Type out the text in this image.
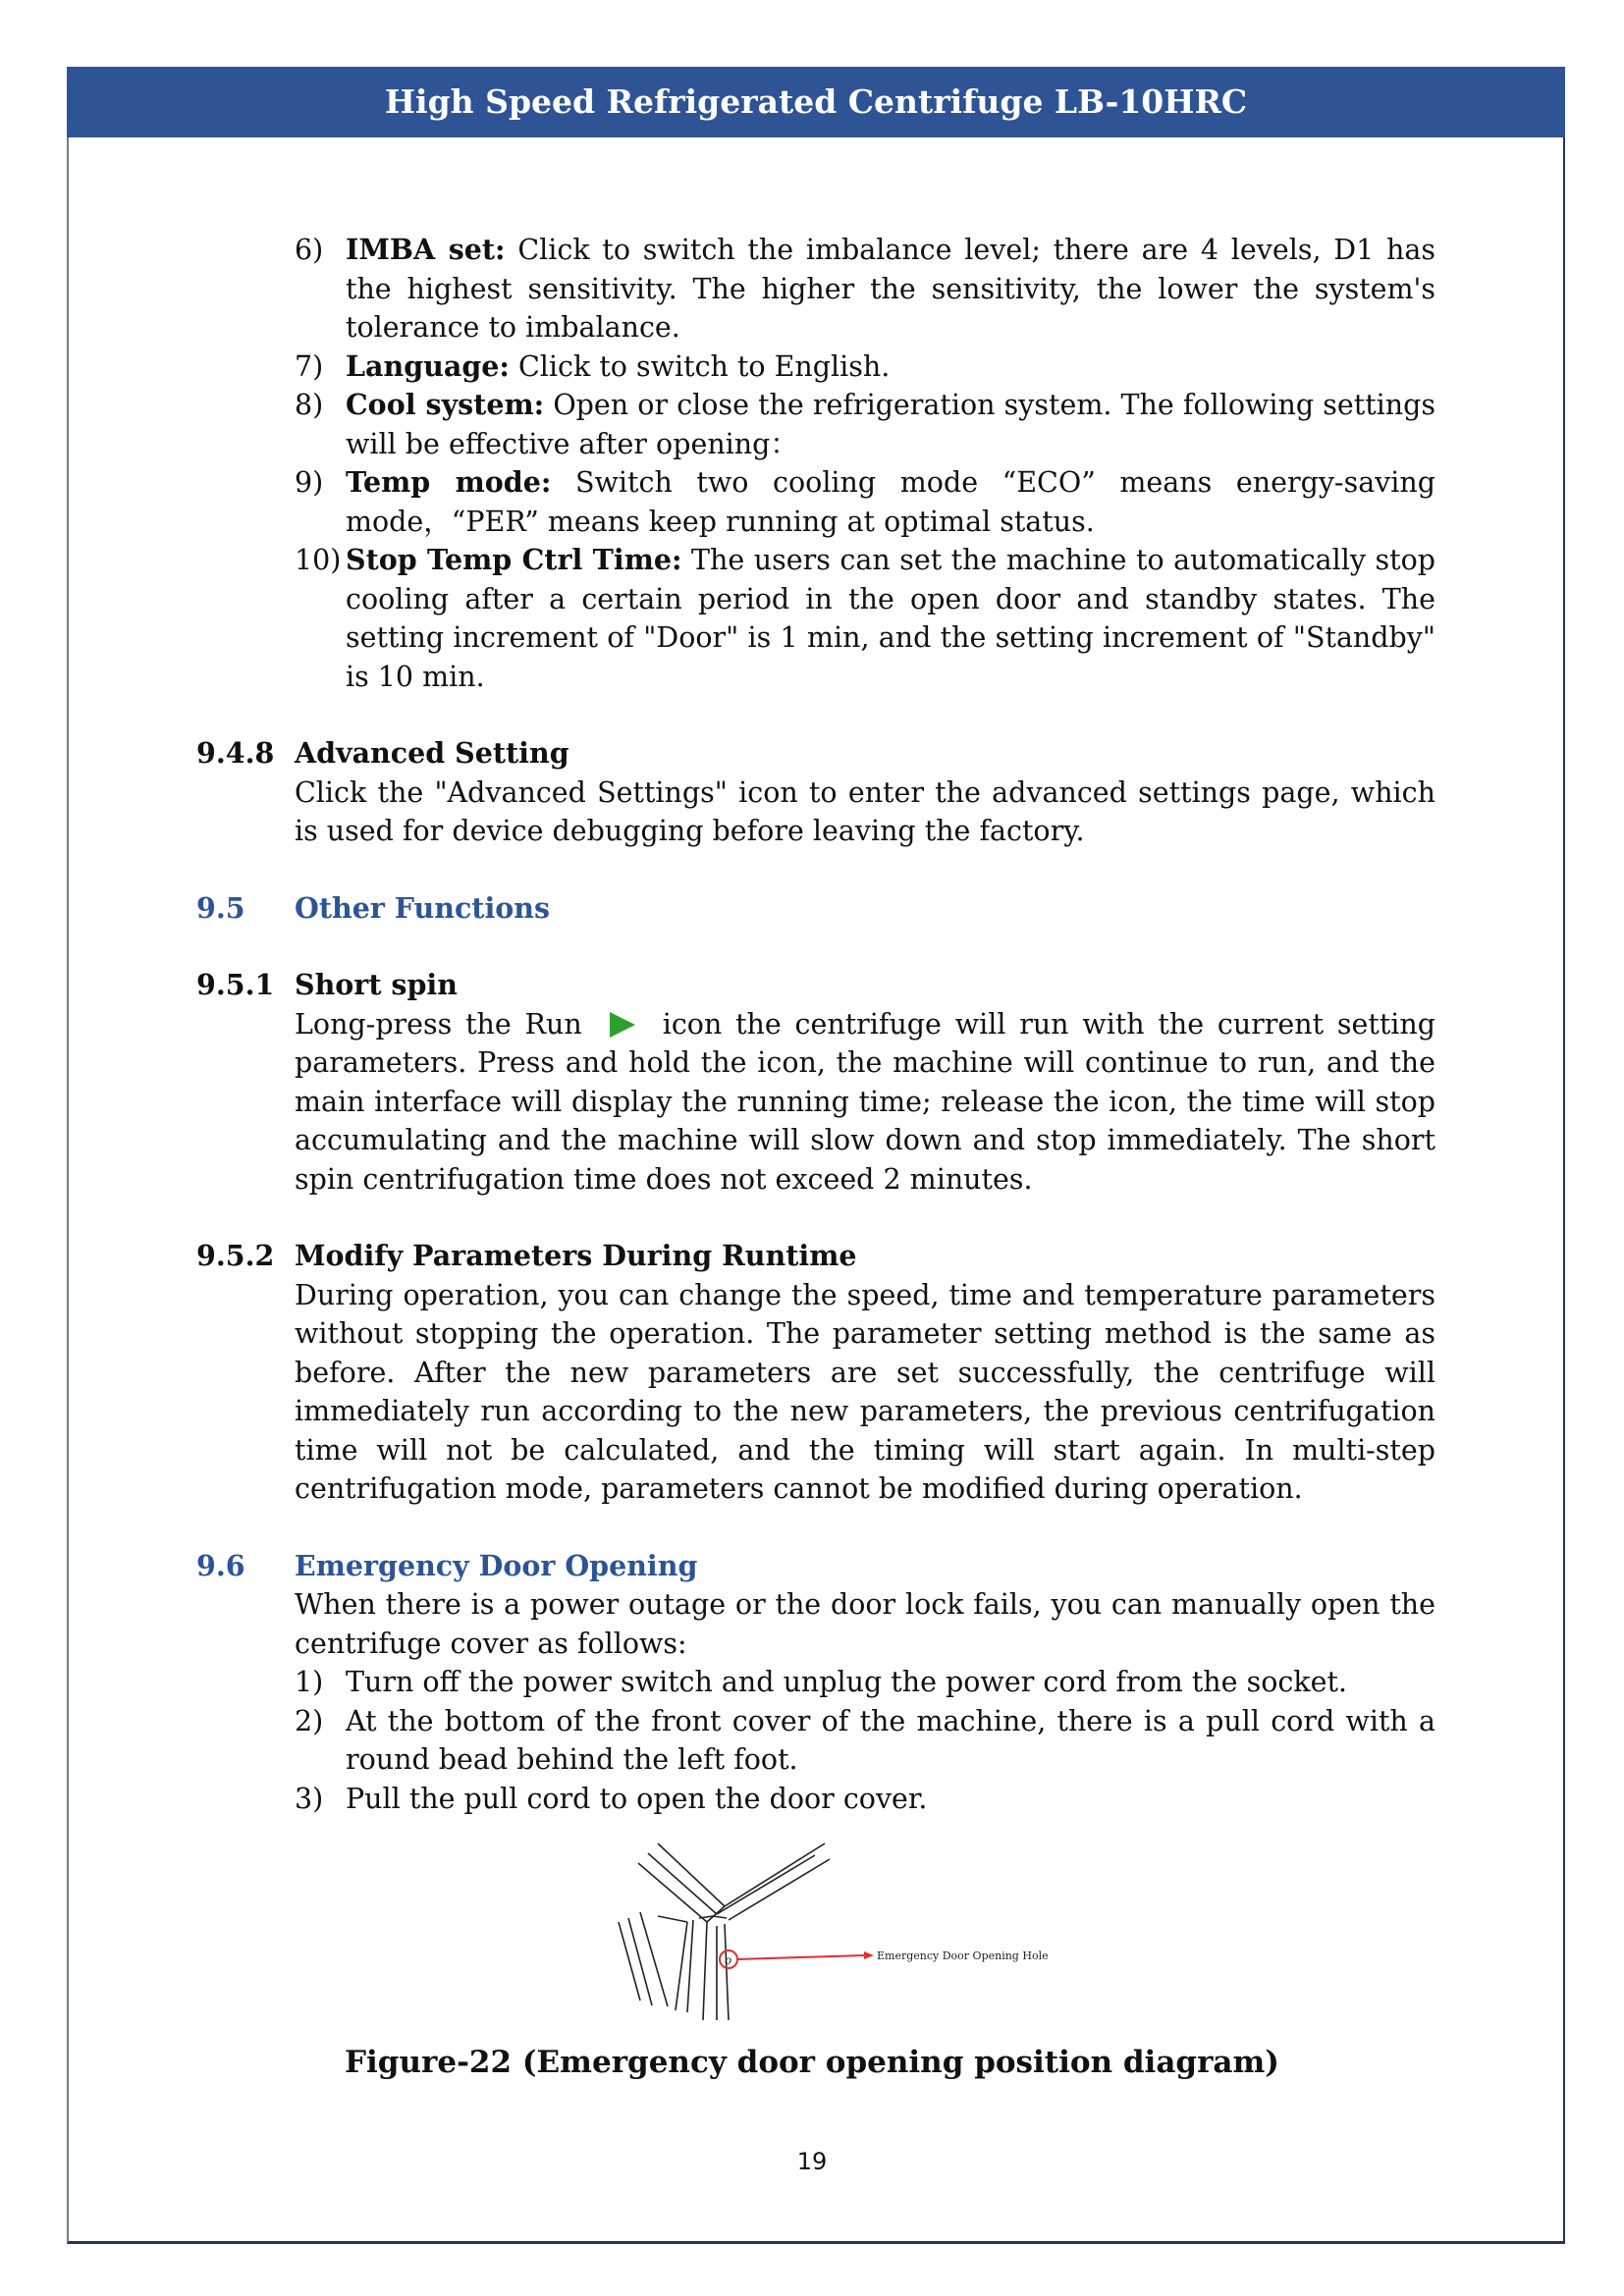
High Speed Refrigerated Centrifuge LB-10HRC
6) IMBA set: Click to switch the imbalance level; there are 4 levels, D1 has the highest sensitivity. The higher the sensitivity, the lower the system's tolerance to imbalance.
7) Language: Click to switch to English.
8) Cool system: Open or close the refrigeration system. The following settings will be effective after opening：
9) Temp mode: Switch two cooling mode “ECO” means energy-saving mode，“PER” means keep running at optimal status.
10) Stop Temp Ctrl Time: The users can set the machine to automatically stop cooling after a certain period in the open door and standby states. The setting increment of "Door" is 1 min, and the setting increment of "Standby" is 10 min.
9.4.8 Advanced Setting
Click the "Advanced Settings" icon to enter the advanced settings page, which is used for device debugging before leaving the factory.
9.5 Other Functions
9.5.1 Short spin
Long-press the Run	icon the centrifuge will run with the current setting parameters. Press and hold the icon, the machine will continue to run, and the main interface will display the running time; release the icon, the time will stop accumulating and the machine will slow down and stop immediately. The short spin centrifugation time does not exceed 2 minutes.
9.5.2 Modify Parameters During Runtime
During operation, you can change the speed, time and temperature parameters without stopping the operation. The parameter setting method is the same as before. After the new parameters are set successfully, the centrifuge will immediately run according to the new parameters, the previous centrifugation time will not be calculated, and the timing will start again. In multi-step centrifugation mode, parameters cannot be modified during operation.
9.6 Emergency Door Opening
When there is a power outage or the door lock fails, you can manually open the centrifuge cover as follows:
1) Turn off the power switch and unplug the power cord from the socket.
2) At the bottom of the front cover of the machine, there is a pull cord with a round bead behind the left foot.
3) Pull the pull cord to open the door cover.
o	Emergency Door Opening Hole
Figure-22 (Emergency door opening position diagram)
19
